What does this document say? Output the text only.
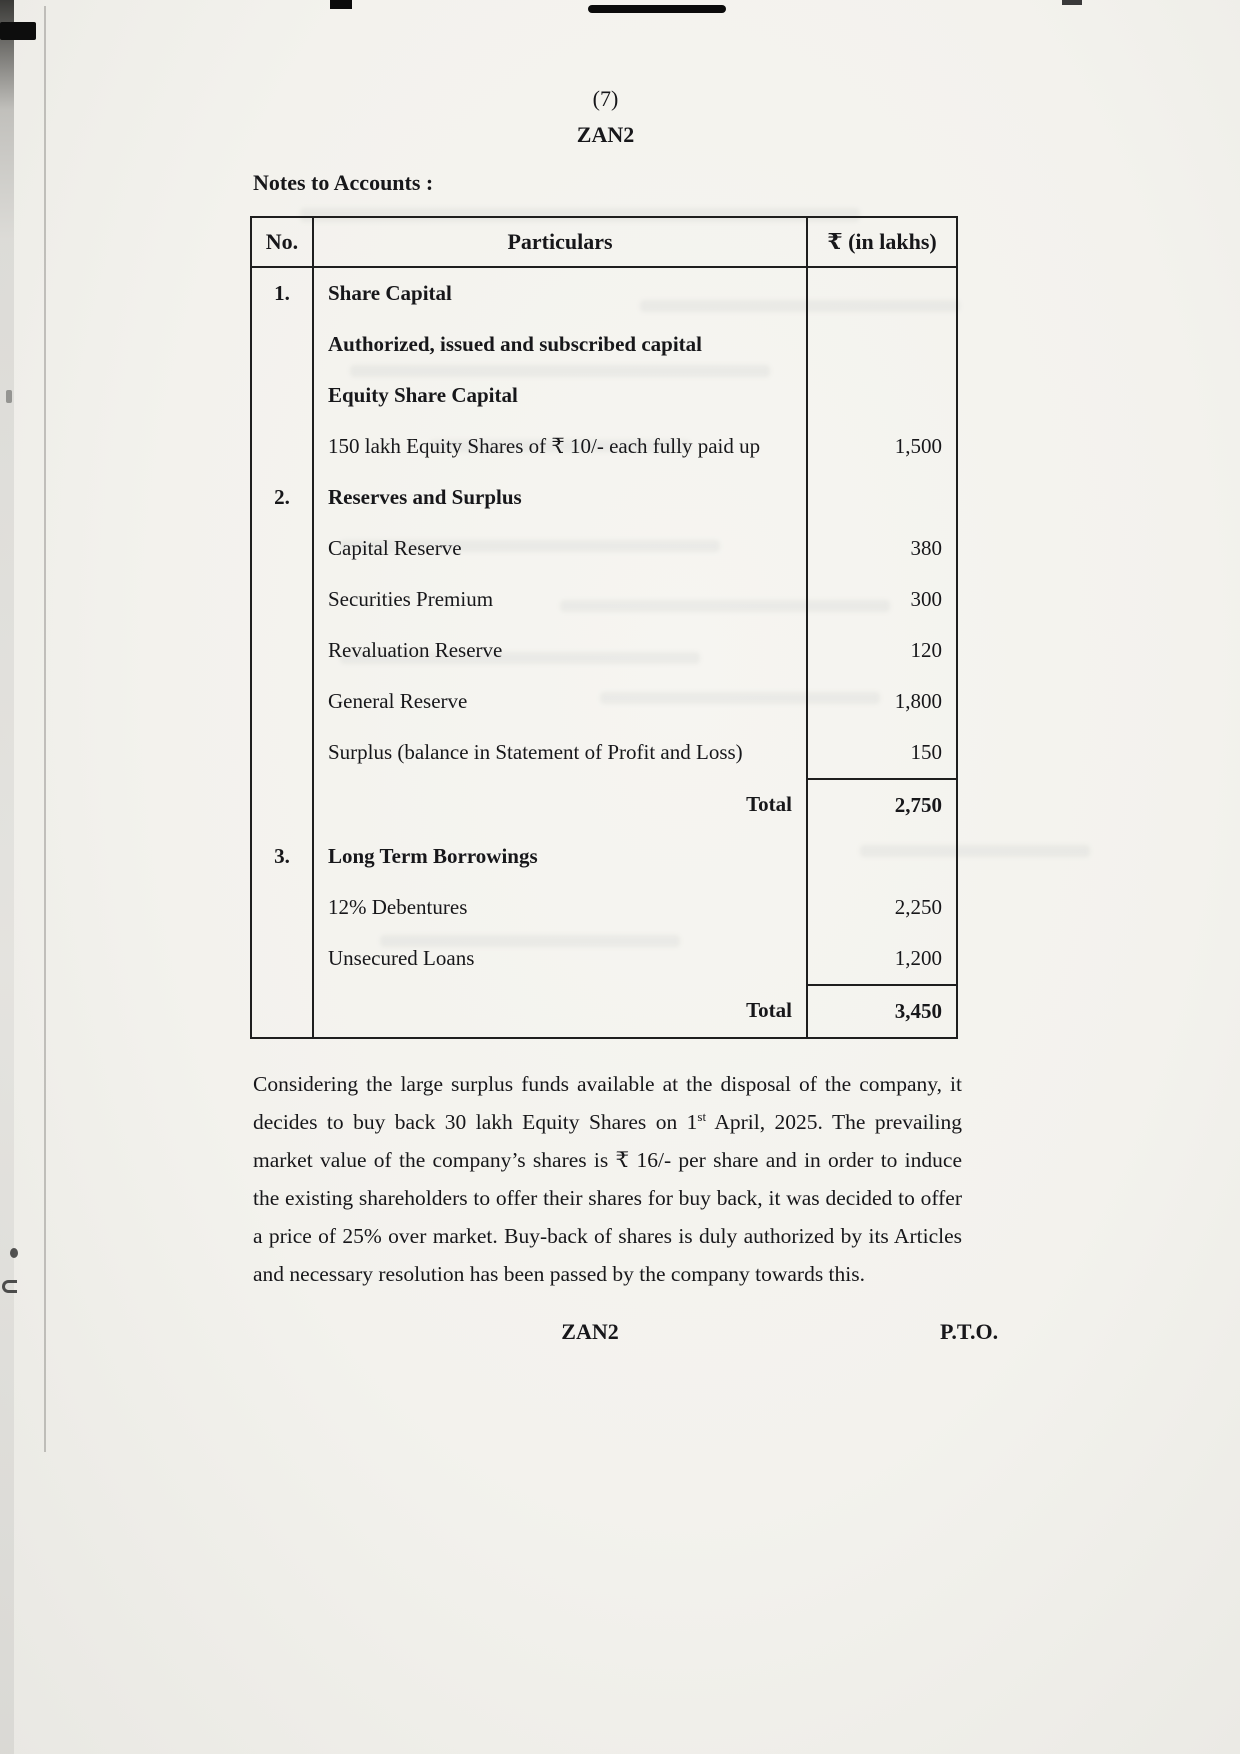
(7)
ZAN2
Notes to Accounts :
No.	Particulars	₹ (in lakhs)
1.	Share Capital	
	Authorized, issued and subscribed capital	
	Equity Share Capital	
	150 lakh Equity Shares of ₹ 10/- each fully paid up	1,500
2.	Reserves and Surplus	
	Capital Reserve	380
	Securities Premium	300
	Revaluation Reserve	120
	General Reserve	1,800
	Surplus (balance in Statement of Profit and Loss)	150
	Total	2,750
3.	Long Term Borrowings	
	12% Debentures	2,250
	Unsecured Loans	1,200
	Total	3,450

Considering the large surplus funds available at the disposal of the company, it decides to buy back 30 lakh Equity Shares on 1st April, 2025. The prevailing market value of the company’s shares is ₹ 16/- per share and in order to induce the existing shareholders to offer their shares for buy back, it was decided to offer a price of 25% over market. Buy-back of shares is duly authorized by its Articles and necessary resolution has been passed by the company towards this.

ZAN2	P.T.O.
